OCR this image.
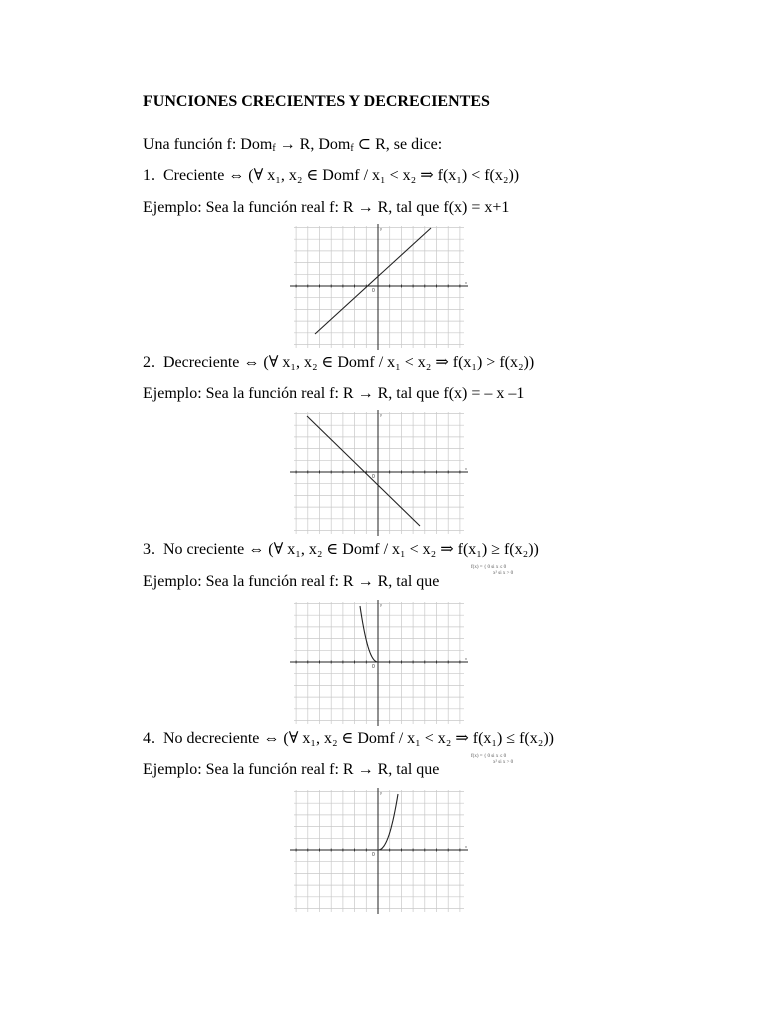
FUNCIONES CRECIENTES Y DECRECIENTES
Una función f: Dom$_f$ → R, Dom$_f$ ⊂ R, se dice:
1. Creciente ⇔ (∀ x₁, x₂ ∈ Domf / x₁ < x₂ ⇒ f(x₁) < f(x₂))
Ejemplo: Sea la función real f: R → R, tal que f(x) = x+1
y
x
0
2. Decreciente ⇔ (∀ x₁, x₂ ∈ Domf / x₁ < x₂ ⇒ f(x₁) > f(x₂))
Ejemplo: Sea la función real f: R → R, tal que f(x) = – x –1
y
x
0
3. No creciente ⇔ (∀ x₁, x₂ ∈ Domf / x₁ < x₂ ⇒ f(x₁) ≥ f(x₂))
Ejemplo: Sea la función real f: R → R, tal que
f(x) = { 0 si x ≤ 0
x² si x > 0
y
x
0
4. No decreciente ⇔ (∀ x₁, x₂ ∈ Domf / x₁ < x₂ ⇒ f(x₁) ≤ f(x₂))
Ejemplo: Sea la función real f: R → R, tal que
f(x) = { 0 si x ≤ 0
x² si x > 0
y
x
0
